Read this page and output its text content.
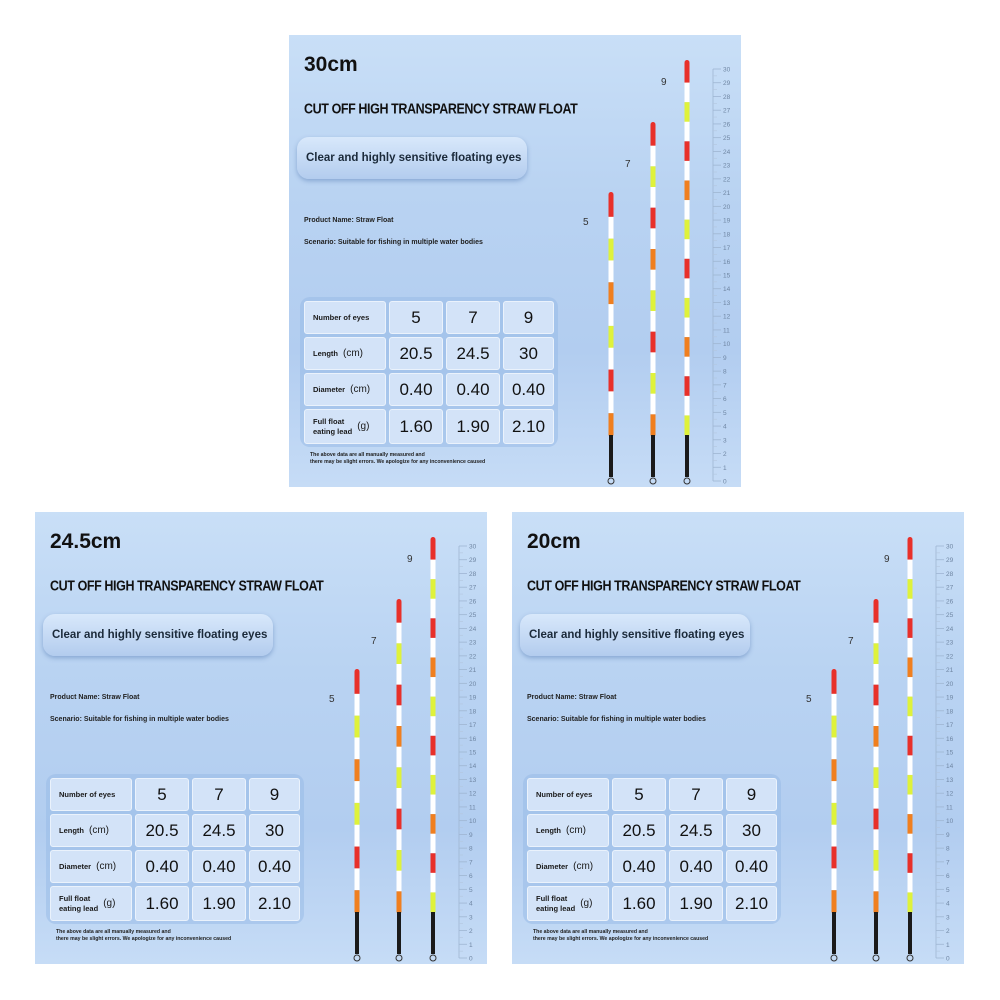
30cm
CUT OFF HIGH TRANSPARENCY STRAW FLOAT
Clear and highly sensitive floating eyes
Product Name: Straw Float
Scenario: Suitable for fishing in multiple water bodies
Number of eyes	5	7	9
Length (cm)	20.5	24.5	30
Diameter (cm)	0.40	0.40	0.40
Full float
eating lead (g)	1.60	1.90	2.10
The above data are all manually measured and
there may be slight errors. We apologize for any inconvenience caused
30
29
28
27
26
25
24
23
22
21
20
19
18
17
16
15
14
13
12
11
10
9
8
7
6
5
4
3
2
1
0
5
7
9
24.5cm
CUT OFF HIGH TRANSPARENCY STRAW FLOAT
Clear and highly sensitive floating eyes
Product Name: Straw Float
Scenario: Suitable for fishing in multiple water bodies
Number of eyes	5	7	9
Length (cm)	20.5	24.5	30
Diameter (cm)	0.40	0.40	0.40
Full float
eating lead (g)	1.60	1.90	2.10
The above data are all manually measured and
there may be slight errors. We apologize for any inconvenience caused
30
29
28
27
26
25
24
23
22
21
20
19
18
17
16
15
14
13
12
11
10
9
8
7
6
5
4
3
2
1
0
5
7
9
20cm
CUT OFF HIGH TRANSPARENCY STRAW FLOAT
Clear and highly sensitive floating eyes
Product Name: Straw Float
Scenario: Suitable for fishing in multiple water bodies
Number of eyes	5	7	9
Length (cm)	20.5	24.5	30
Diameter (cm)	0.40	0.40	0.40
Full float
eating lead (g)	1.60	1.90	2.10
The above data are all manually measured and
there may be slight errors. We apologize for any inconvenience caused
30
29
28
27
26
25
24
23
22
21
20
19
18
17
16
15
14
13
12
11
10
9
8
7
6
5
4
3
2
1
0
5
7
9
